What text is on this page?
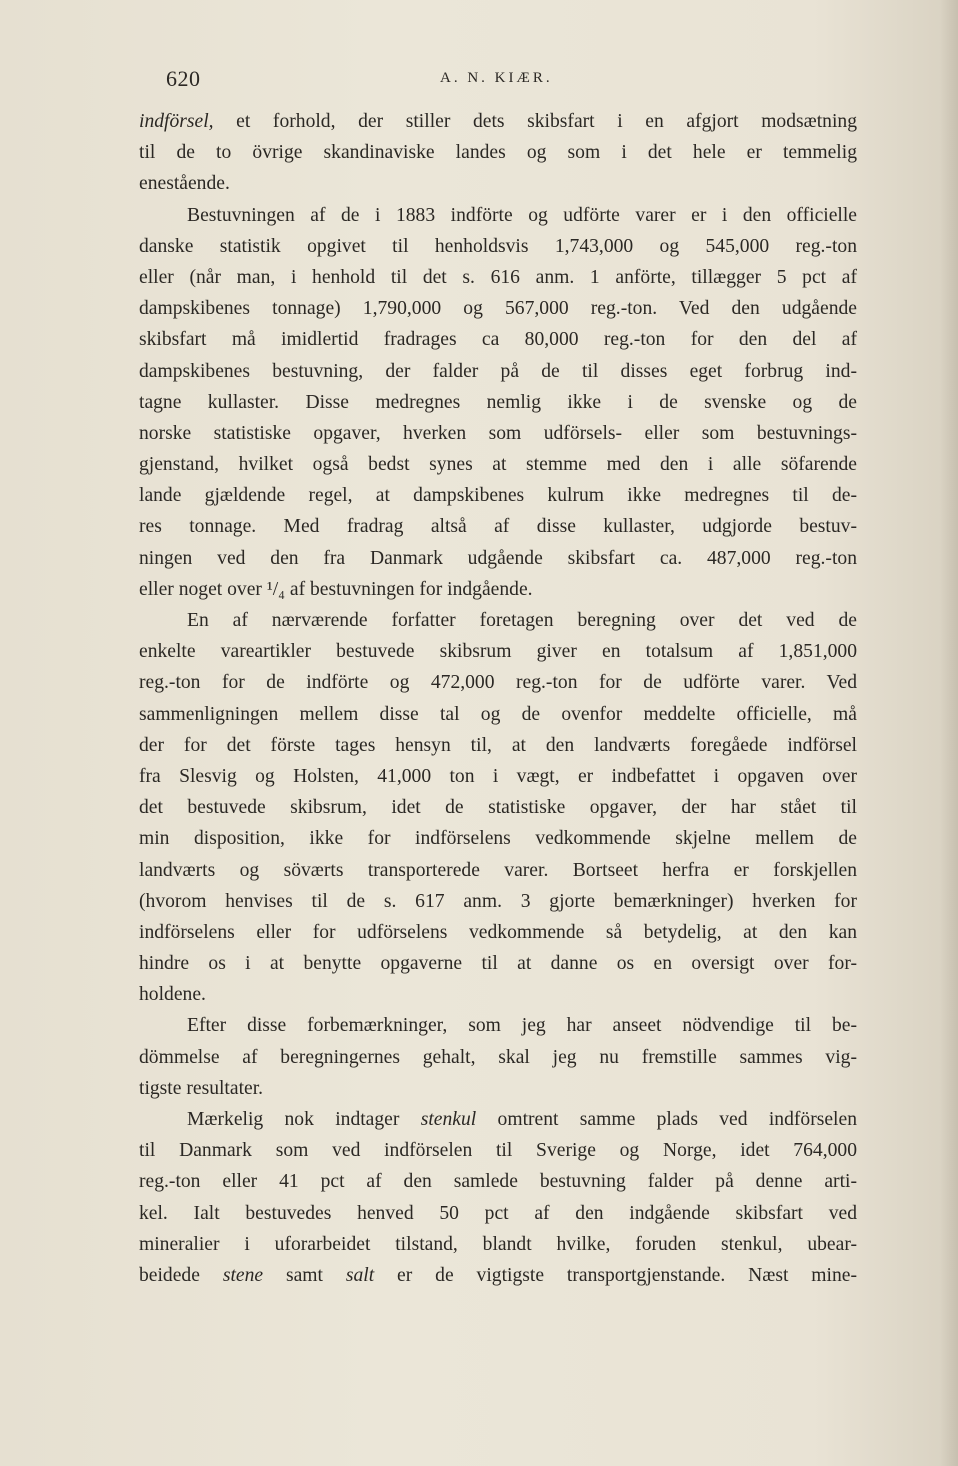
620	A. N. KIÆR.
indförsel, et forhold, der stiller dets skibsfart i en afgjort modsætning
til de to övrige skandinaviske landes og som i det hele er temmelig
enestående.
Bestuvningen af de i 1883 indförte og udförte varer er i den officielle
danske statistik opgivet til henholdsvis 1,743,000 og 545,000 reg.-ton
eller (når man, i henhold til det s. 616 anm. 1 anförte, tillægger 5 pct af
dampskibenes tonnage) 1,790,000 og 567,000 reg.-ton. Ved den udgående
skibsfart må imidlertid fradrages ca 80,000 reg.-ton for den del af
dampskibenes bestuvning, der falder på de til disses eget forbrug ind-
tagne kullaster. Disse medregnes nemlig ikke i de svenske og de
norske statistiske opgaver, hverken som udförsels- eller som bestuvnings-
gjenstand, hvilket også bedst synes at stemme med den i alle söfarende
lande gjældende regel, at dampskibenes kulrum ikke medregnes til de-
res tonnage. Med fradrag altså af disse kullaster, udgjorde bestuv-
ningen ved den fra Danmark udgående skibsfart ca. 487,000 reg.-ton
eller noget over ¹/₄ af bestuvningen for indgående.
En af nærværende forfatter foretagen beregning over det ved de
enkelte vareartikler bestuvede skibsrum giver en totalsum af 1,851,000
reg.-ton for de indförte og 472,000 reg.-ton for de udförte varer. Ved
sammenligningen mellem disse tal og de ovenfor meddelte officielle, må
der for det förste tages hensyn til, at den landværts foregåede indförsel
fra Slesvig og Holsten, 41,000 ton i vægt, er indbefattet i opgaven over
det bestuvede skibsrum, idet de statistiske opgaver, der har stået til
min disposition, ikke for indförselens vedkommende skjelne mellem de
landværts og söværts transporterede varer. Bortseet herfra er forskjellen
(hvorom henvises til de s. 617 anm. 3 gjorte bemærkninger) hverken for
indförselens eller for udförselens vedkommende så betydelig, at den kan
hindre os i at benytte opgaverne til at danne os en oversigt over for-
holdene.
Efter disse forbemærkninger, som jeg har anseet nödvendige til be-
dömmelse af beregningernes gehalt, skal jeg nu fremstille sammes vig-
tigste resultater.
Mærkelig nok indtager stenkul omtrent samme plads ved indförselen
til Danmark som ved indförselen til Sverige og Norge, idet 764,000
reg.-ton eller 41 pct af den samlede bestuvning falder på denne arti-
kel. Ialt bestuvedes henved 50 pct af den indgående skibsfart ved
mineralier i uforarbeidet tilstand, blandt hvilke, foruden stenkul, ubear-
beidede stene samt salt er de vigtigste transportgjenstande. Næst mine-
